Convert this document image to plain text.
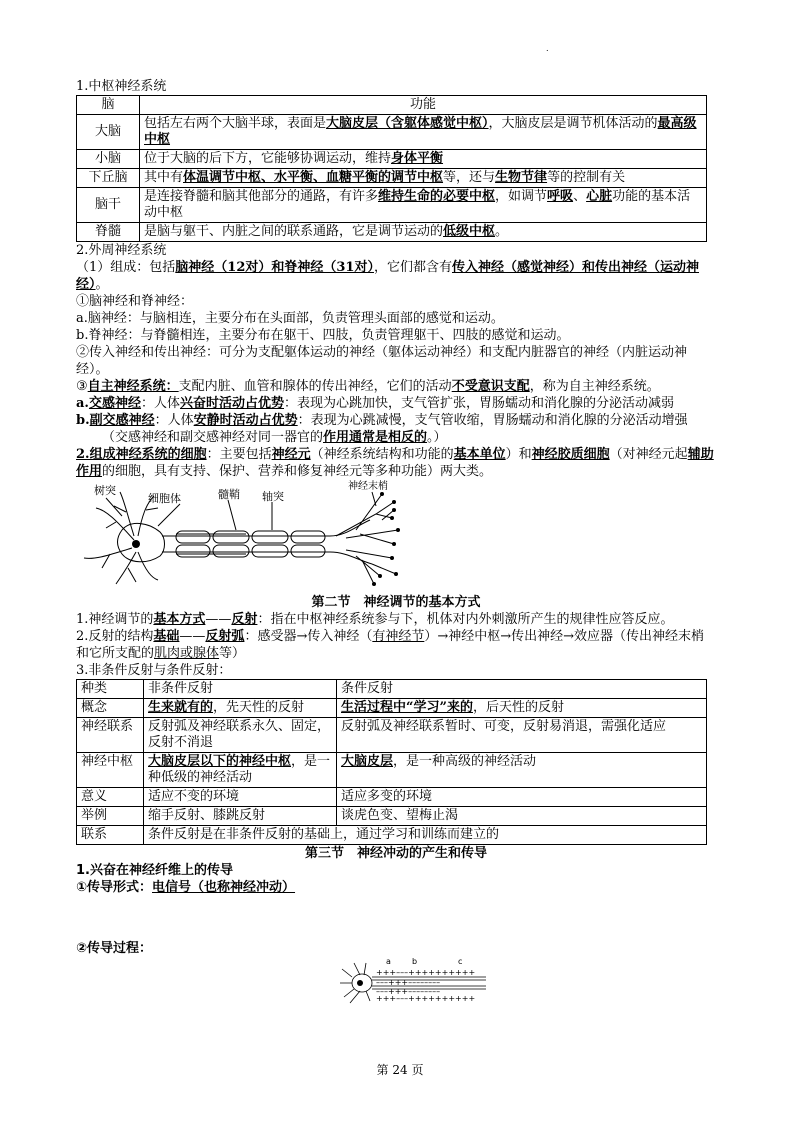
.
1.中枢神经系统
脑	功能
大脑	包括左右两个大脑半球，表面是大脑皮层（含躯体感觉中枢），大脑皮层是调节机体活动的最高级中枢
小脑	位于大脑的后下方，它能够协调运动，维持身体平衡
下丘脑	其中有体温调节中枢、水平衡、血糖平衡的调节中枢等，还与生物节律等的控制有关
脑干	是连接脊髓和脑其他部分的通路，有许多维持生命的必要中枢，如调节呼吸、心脏功能的基本活动中枢
脊髓	是脑与躯干、内脏之间的联系通路，它是调节运动的低级中枢。
2.外周神经系统
（1）组成：包括脑神经（12对）和脊神经（31对），它们都含有传入神经（感觉神经）和传出神经（运动神经）。
①脑神经和脊神经：
a.脑神经：与脑相连，主要分布在头面部，负责管理头面部的感觉和运动。
b.脊神经：与脊髓相连，主要分布在躯干、四肢，负责管理躯干、四肢的感觉和运动。
②传入神经和传出神经：可分为支配躯体运动的神经（躯体运动神经）和支配内脏器官的神经（内脏运动神经）。
③自主神经系统：支配内脏、血管和腺体的传出神经，它们的活动不受意识支配，称为自主神经系统。
a.交感神经：人体兴奋时活动占优势：表现为心跳加快，支气管扩张，胃肠蠕动和消化腺的分泌活动减弱
b.副交感神经：人体安静时活动占优势：表现为心跳减慢，支气管收缩，胃肠蠕动和消化腺的分泌活动增强
（交感神经和副交感神经对同一器官的作用通常是相反的。）
2.组成神经系统的细胞：主要包括神经元（神经系统结构和功能的基本单位）和神经胶质细胞（对神经元起辅助作用的细胞，具有支持、保护、营养和修复神经元等多种功能）两大类。
树突
细胞体	髓鞘 轴突
神经末梢
第二节　神经调节的基本方式
1.神经调节的基本方式——反射：指在中枢神经系统参与下，机体对内外刺激所产生的规律性应答反应。
2.反射的结构基础——反射弧：感受器→传入神经（有神经节）→神经中枢→传出神经→效应器（传出神经末梢和它所支配的肌肉或腺体等）
3.非条件反射与条件反射：
种类	非条件反射	条件反射
概念	生来就有的，先天性的反射	生活过程中“学习”来的，后天性的反射
神经联系	反射弧及神经联系永久、固定，反射不消退	反射弧及神经联系暂时、可变，反射易消退，需强化适应
神经中枢	大脑皮层以下的神经中枢，是一种低级的神经活动	大脑皮层，是一种高级的神经活动
意义	适应不变的环境	适应多变的环境
举例	缩手反射、膝跳反射	谈虎色变、望梅止渴
联系	条件反射是在非条件反射的基础上，通过学习和训练而建立的	
第三节　神经冲动的产生和传导
1.兴奋在神经纤维上的传导
①传导形式：电信号（也称神经冲动）
②传导过程：
+++–––++++++++++
–––+++––––––––
–––+++––––––––
+++–––++++++++++
a	b	c
第 24 页
